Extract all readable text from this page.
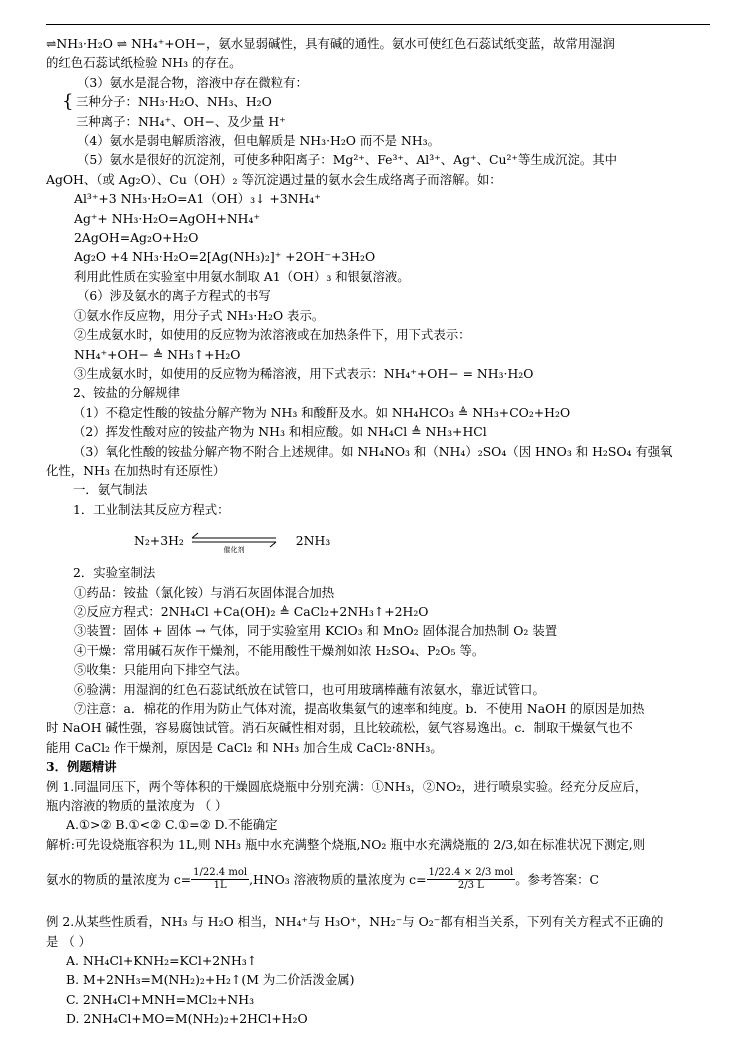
⇌NH₃·H₂O ⇌ NH₄⁺+OH−，氨水显弱碱性，具有碱的通性。氨水可使红色石蕊试纸变蓝，故常用湿润
的红色石蕊试纸检验 NH₃ 的存在。
（3）氨水是混合物，溶液中存在微粒有：
{ 三种分子：NH₃·H₂O、NH₃、H₂O
三种离子：NH₄⁺、OH−、及少量 H⁺
（4）氨水是弱电解质溶液，但电解质是 NH₃·H₂O 而不是 NH₃。
（5）氨水是很好的沉淀剂，可使多种阳离子：Mg²⁺、Fe³⁺、Al³⁺、Ag⁺、Cu²⁺等生成沉淀。其中
AgOH、（或 Ag₂O）、Cu（OH）₂ 等沉淀遇过量的氨水会生成络离子而溶解。如：
Al³⁺+3 NH₃·H₂O=A1（OH）₃↓ +3NH₄⁺
Ag⁺+ NH₃·H₂O=AgOH+NH₄⁺
2AgOH=Ag₂O+H₂O
Ag₂O +4 NH₃·H₂O=2[Ag(NH₃)₂]⁺ +2OH⁻+3H₂O
利用此性质在实验室中用氨水制取 A1（OH）₃ 和银氨溶液。
（6）涉及氨水的离子方程式的书写
①氨水作反应物，用分子式 NH₃·H₂O 表示。
②生成氨水时，如使用的反应物为浓溶液或在加热条件下，用下式表示：
NH₄⁺+OH− ≜ NH₃↑+H₂O
③生成氨水时，如使用的反应物为稀溶液，用下式表示：NH₄⁺+OH− = NH₃·H₂O
2、铵盐的分解规律
（1）不稳定性酸的铵盐分解产物为 NH₃ 和酸酐及水。如 NH₄HCO₃ ≜ NH₃+CO₂+H₂O
（2）挥发性酸对应的铵盐产物为 NH₃ 和相应酸。如 NH₄Cl ≜ NH₃+HCl
（3）氧化性酸的铵盐分解产物不附合上述规律。如 NH₄NO₃ 和（NH₄）₂SO₄（因 HNO₃ 和 H₂SO₄ 有强氧
化性，NH₃ 在加热时有还原性）
一．氨气制法
1．工业制法其反应方程式：
N₂+3H₂
催化剂
2NH₃
2．实验室制法
①药品：铵盐（氯化铵）与消石灰固体混合加热
②反应方程式：2NH₄Cl +Ca(OH)₂ ≜ CaCl₂+2NH₃↑+2H₂O
③装置：固体 + 固体 → 气体，同于实验室用 KClO₃ 和 MnO₂ 固体混合加热制 O₂ 装置
④干燥：常用碱石灰作干燥剂，不能用酸性干燥剂如浓 H₂SO₄、P₂O₅ 等。
⑤收集：只能用向下排空气法。
⑥验满：用湿润的红色石蕊试纸放在试管口，也可用玻璃棒蘸有浓氨水，靠近试管口。
⑦注意：a．棉花的作用为防止气体对流，提高收集氨气的速率和纯度。b．不使用 NaOH 的原因是加热
时 NaOH 碱性强，容易腐蚀试管。消石灰碱性相对弱，且比较疏松，氨气容易逸出。c．制取干燥氨气也不
能用 CaCl₂ 作干燥剂，原因是 CaCl₂ 和 NH₃ 加合生成 CaCl₂·8NH₃。
3．例题精讲
例 1.同温同压下，两个等体积的干燥圆底烧瓶中分别充满：①NH₃，②NO₂，进行喷泉实验。经充分反应后，
瓶内溶液的物质的量浓度为 （ ）
A.①>② B.①<② C.①=② D.不能确定
解析:可先设烧瓶容积为 1L,则 NH₃ 瓶中水充满整个烧瓶,NO₂ 瓶中水充满烧瓶的 2/3,如在标准状况下测定,则
氨水的物质的量浓度为 $c= \frac{\text{1/22.4 mol}}{1L} ,HNO_3$ 溶液物质的量浓度为 $c= \frac{\text{1/22.4 × 2/3 mol}}{2/3 L}$ 。参考答案：C
例 2.从某些性质看，NH₃ 与 H₂O 相当，NH₄⁺与 H₃O⁺，NH₂⁻与 O₂⁻都有相当关系，下列有关方程式不正确的
是 （ ）
A. NH₄Cl+KNH₂=KCl+2NH₃↑
B. M+2NH₃=M(NH₂)₂+H₂↑(M 为二价活泼金属)
C. 2NH₄Cl+MNH=MCl₂+NH₃
D. 2NH₄Cl+MO=M(NH₂)₂+2HCl+H₂O
